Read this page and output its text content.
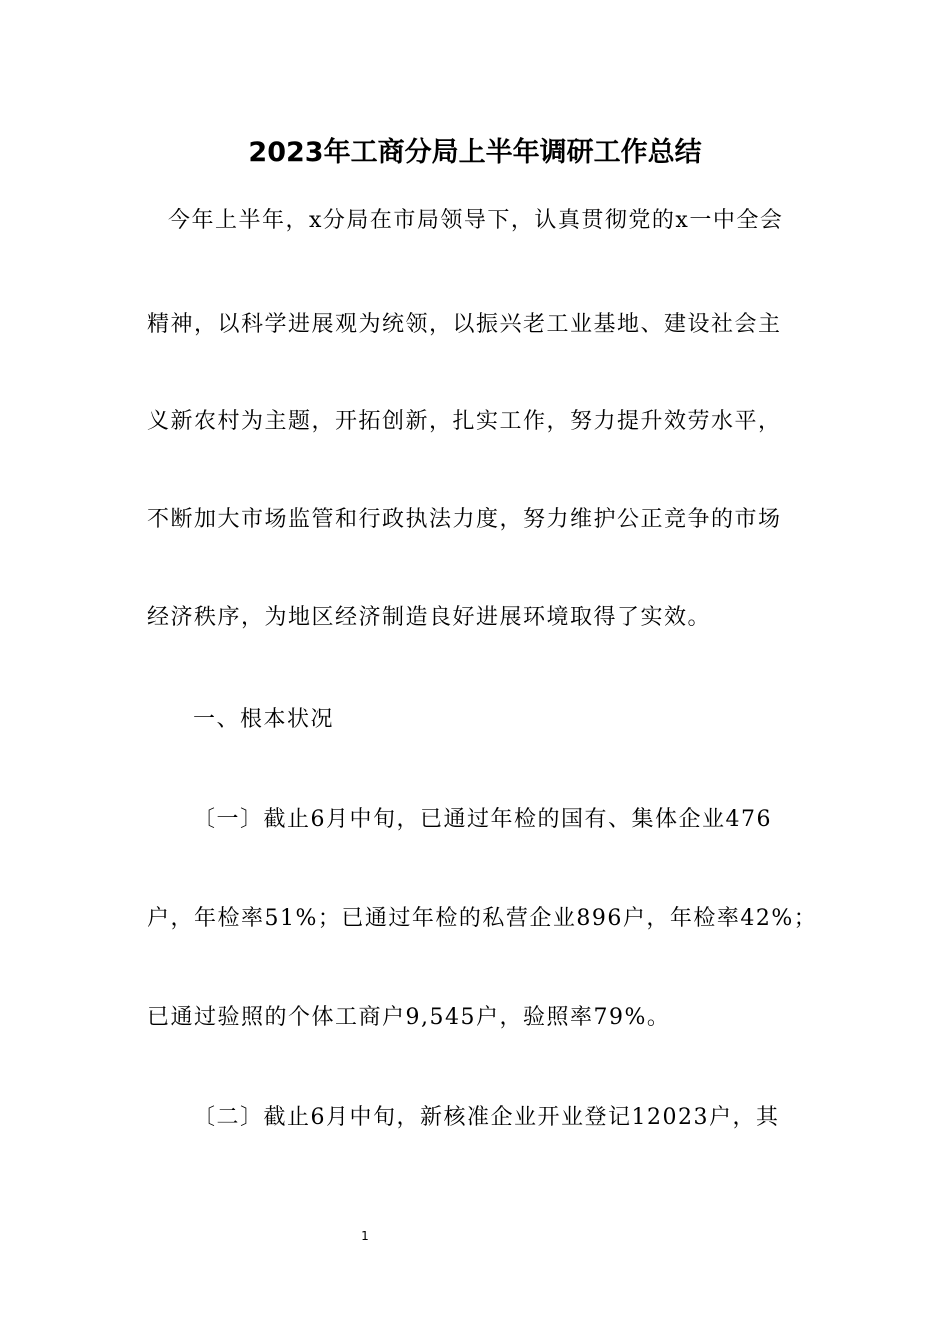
2023年工商分局上半年调研工作总结
今年上半年，x分局在市局领导下，认真贯彻党的x一中全会
精神，以科学进展观为统领，以振兴老工业基地、建设社会主
义新农村为主题，开拓创新，扎实工作，努力提升效劳水平，
不断加大市场监管和行政执法力度，努力维护公正竞争的市场
经济秩序，为地区经济制造良好进展环境取得了实效。
一、根本状况
〔一〕截止6月中旬，已通过年检的国有、集体企业476
户，年检率51%；已通过年检的私营企业896户，年检率42%；
已通过验照的个体工商户9,545户，验照率79%。
〔二〕截止6月中旬，新核准企业开业登记12023户，其
1
